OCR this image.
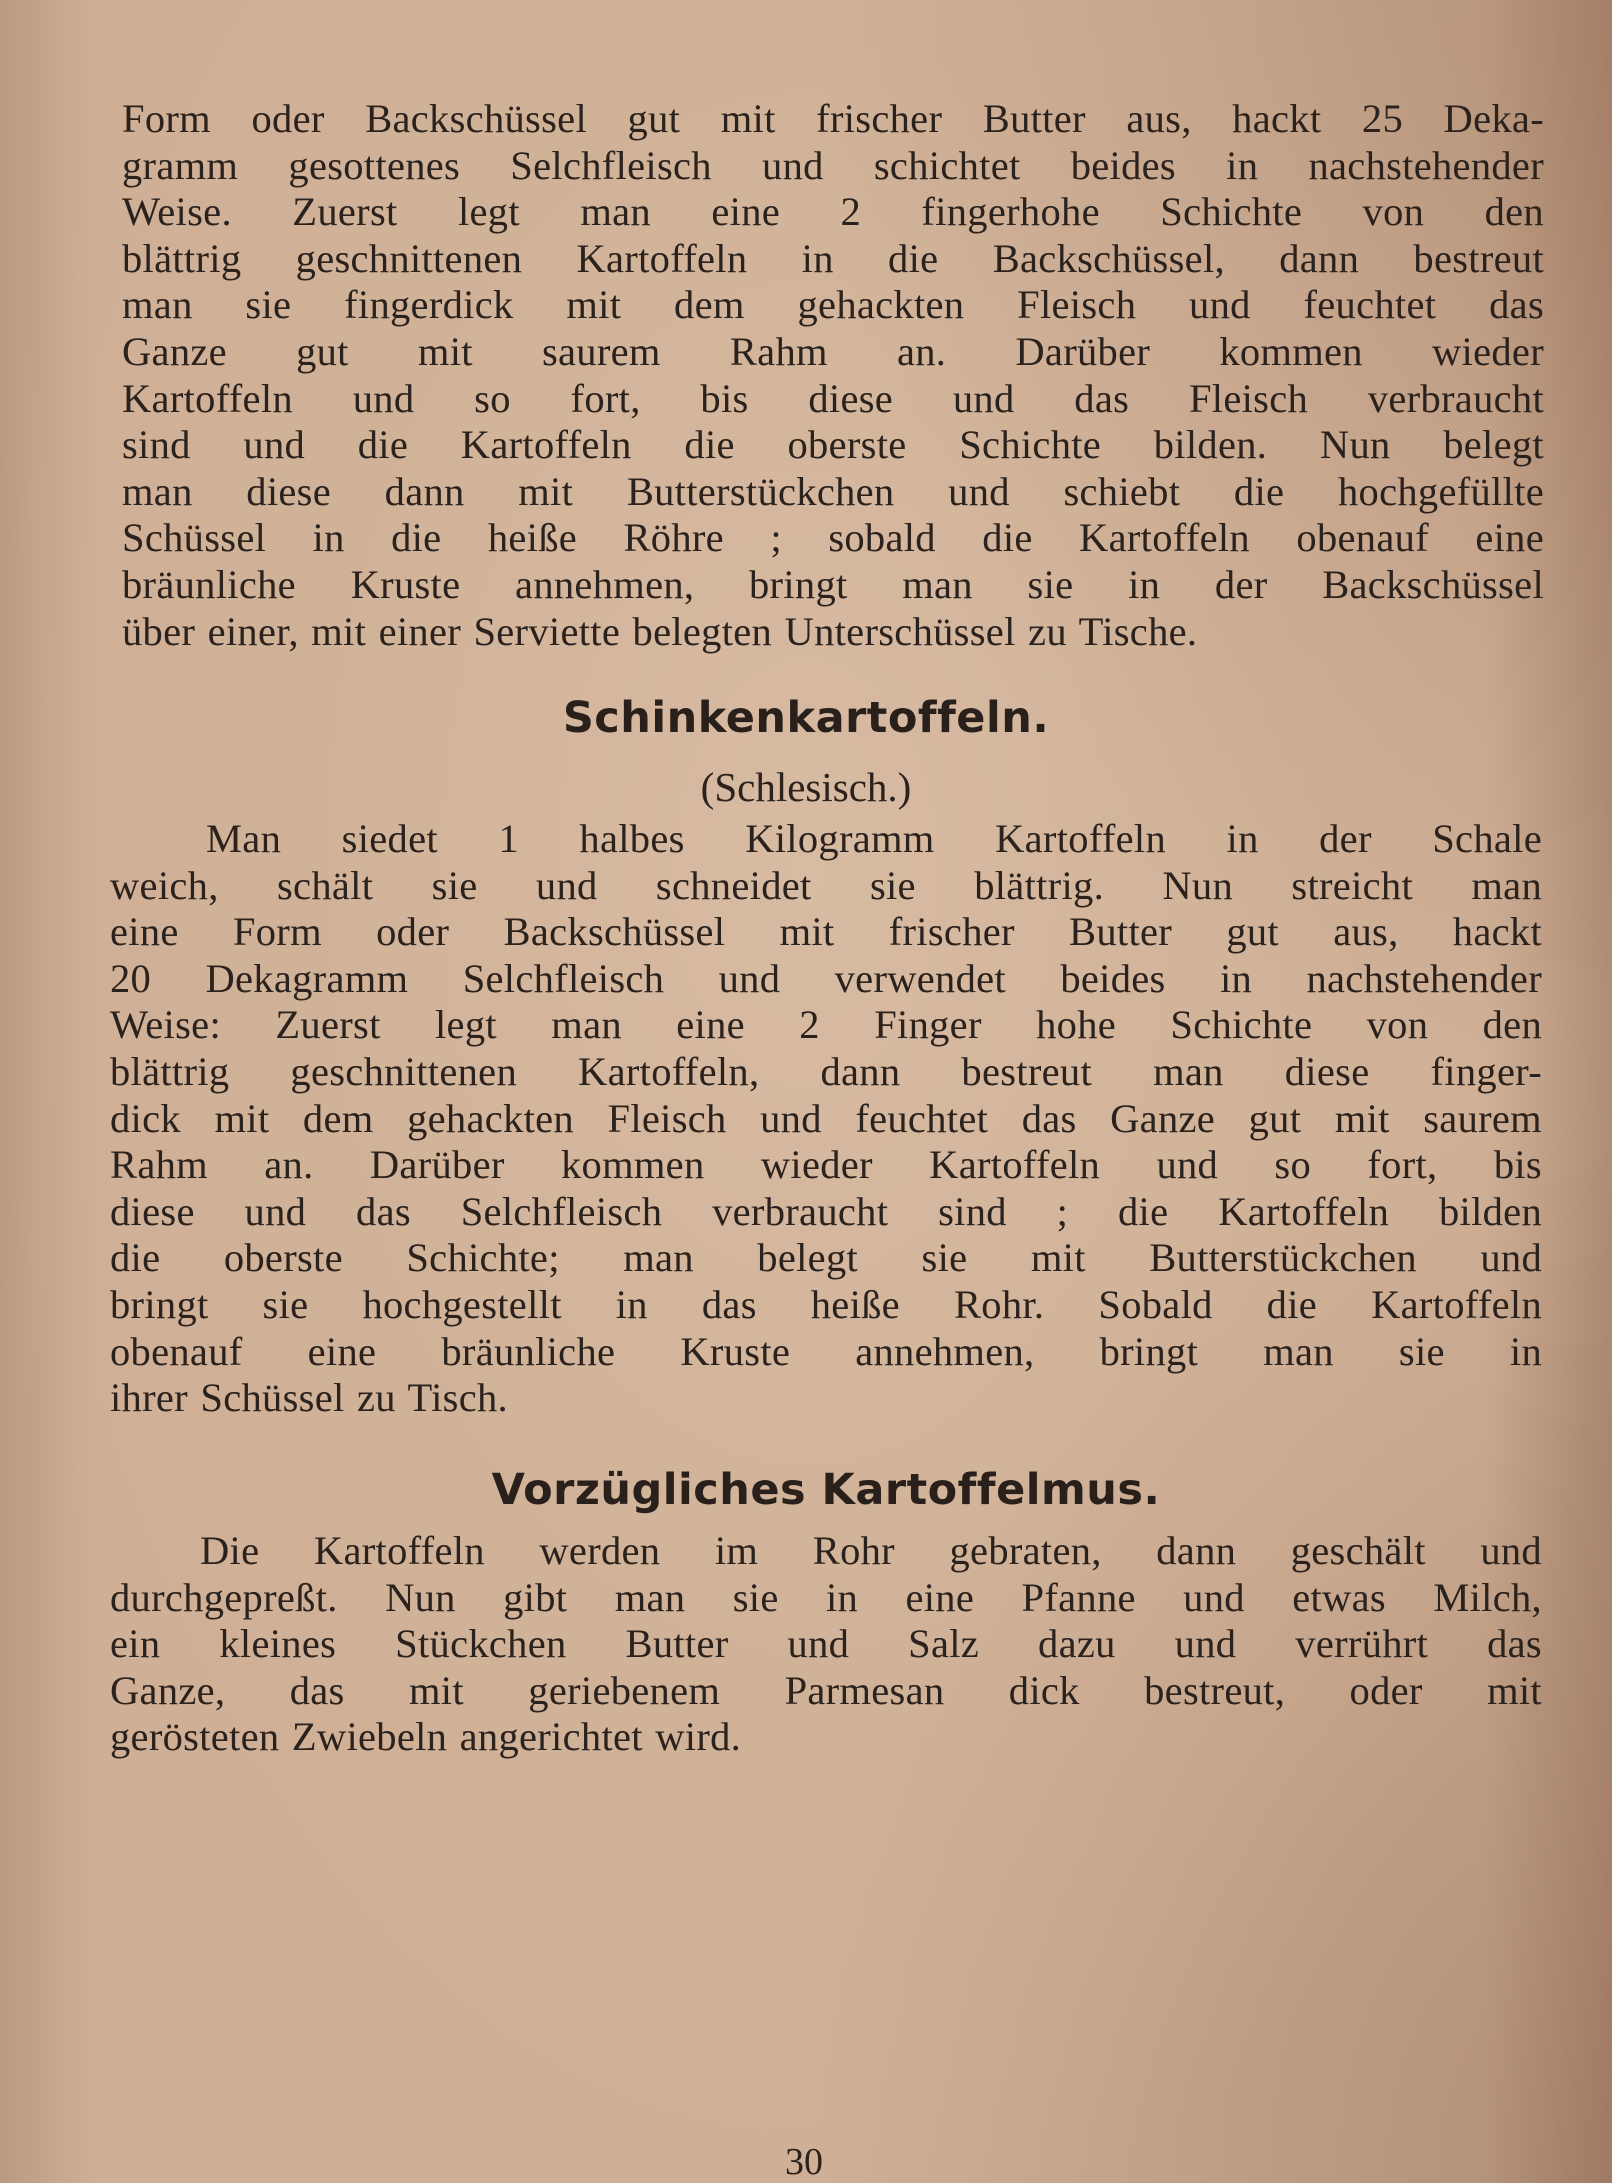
Form oder Backschüssel gut mit frischer Butter aus, hackt 25 Deka-
gramm gesottenes Selchfleisch und schichtet beides in nachstehender
Weise. Zuerst legt man eine 2 fingerhohe Schichte von den
blättrig geschnittenen Kartoffeln in die Backschüssel, dann bestreut
man sie fingerdick mit dem gehackten Fleisch und feuchtet das
Ganze gut mit saurem Rahm an. Darüber kommen wieder
Kartoffeln und so fort, bis diese und das Fleisch verbraucht
sind und die Kartoffeln die oberste Schichte bilden. Nun belegt
man diese dann mit Butterstückchen und schiebt die hochgefüllte
Schüssel in die heiße Röhre ; sobald die Kartoffeln obenauf eine
bräunliche Kruste annehmen, bringt man sie in der Backschüssel
über einer, mit einer Serviette belegten Unterschüssel zu Tische.
Schinkenkartoffeln.
(Schlesisch.)
Man siedet 1 halbes Kilogramm Kartoffeln in der Schale
weich, schält sie und schneidet sie blättrig. Nun streicht man
eine Form oder Backschüssel mit frischer Butter gut aus, hackt
20 Dekagramm Selchfleisch und verwendet beides in nachstehender
Weise: Zuerst legt man eine 2 Finger hohe Schichte von den
blättrig geschnittenen Kartoffeln, dann bestreut man diese finger-
dick mit dem gehackten Fleisch und feuchtet das Ganze gut mit saurem
Rahm an. Darüber kommen wieder Kartoffeln und so fort, bis
diese und das Selchfleisch verbraucht sind ; die Kartoffeln bilden
die oberste Schichte; man belegt sie mit Butterstückchen und
bringt sie hochgestellt in das heiße Rohr. Sobald die Kartoffeln
obenauf eine bräunliche Kruste annehmen, bringt man sie in
ihrer Schüssel zu Tisch.
Vorzügliches Kartoffelmus.
Die Kartoffeln werden im Rohr gebraten, dann geschält und
durchgepreßt. Nun gibt man sie in eine Pfanne und etwas Milch,
ein kleines Stückchen Butter und Salz dazu und verrührt das
Ganze, das mit geriebenem Parmesan dick bestreut, oder mit
gerösteten Zwiebeln angerichtet wird.
30
